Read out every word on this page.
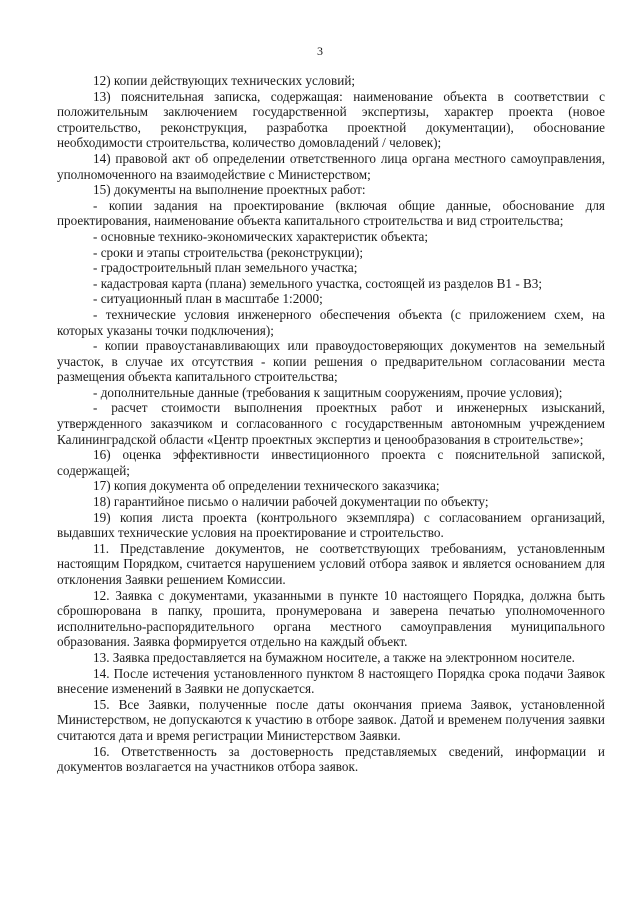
3

12) копии действующих технических условий;

13) пояснительная записка, содержащая: наименование объекта в соответствии с положительным заключением государственной экспертизы, характер проекта (новое строительство, реконструкция, разработка проектной документации), обоснование необходимости строительства, количество домовладений / человек);

14) правовой акт об определении ответственного лица органа местного самоуправления, уполномоченного на взаимодействие с Министерством;

15) документы на выполнение проектных работ:

- копии задания на проектирование (включая общие данные, обоснование для проектирования, наименование объекта капитального строительства и вид строительства;

- основные технико-экономических характеристик объекта;

- сроки и этапы строительства (реконструкции);

- градостроительный план земельного участка;

- кадастровая карта (плана) земельного участка, состоящей из разделов В1 - В3;

- ситуационный план в масштабе 1:2000;

- технические условия инженерного обеспечения объекта (с приложением схем, на которых указаны точки подключения);

- копии правоустанавливающих или правоудостоверяющих документов на земельный участок, в случае их отсутствия - копии решения о предварительном согласовании места размещения объекта капитального строительства;

- дополнительные данные (требования к защитным сооружениям, прочие условия);

- расчет стоимости выполнения проектных работ и инженерных изысканий, утвержденного заказчиком и согласованного с государственным автономным учреждением Калининградской области «Центр проектных экспертиз и ценообразования в строительстве»;

16) оценка эффективности инвестиционного проекта с пояснительной запиской, содержащей;

17) копия документа об определении технического заказчика;

18) гарантийное письмо о наличии рабочей документации по объекту;

19) копия листа проекта (контрольного экземпляра) с согласованием организаций, выдавших технические условия на проектирование и строительство.

11. Представление документов, не соответствующих требованиям, установленным настоящим Порядком, считается нарушением условий отбора заявок и является основанием для отклонения Заявки решением Комиссии.

12. Заявка с документами, указанными в пункте 10 настоящего Порядка, должна быть сброшюрована в папку, прошита, пронумерована и заверена печатью уполномоченного исполнительно-распорядительного органа местного самоуправления муниципального образования. Заявка формируется отдельно на каждый объект.

13. Заявка предоставляется на бумажном носителе, а также на электронном носителе.

14. После истечения установленного пунктом 8 настоящего Порядка срока подачи Заявок внесение изменений в Заявки не допускается.

15. Все Заявки, полученные после даты окончания приема Заявок, установленной Министерством, не допускаются к участию в отборе заявок. Датой и временем получения заявки считаются дата и время регистрации Министерством Заявки.

16. Ответственность за достоверность представляемых сведений, информации и документов возлагается на участников отбора заявок.
